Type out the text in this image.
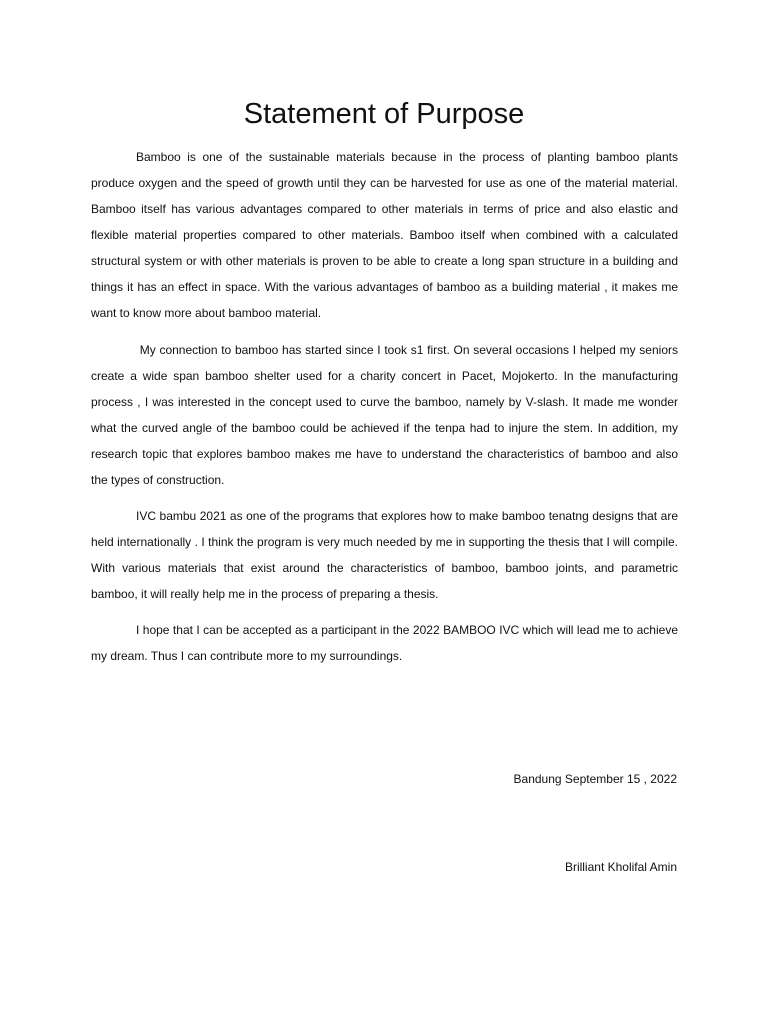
Statement of Purpose

Bamboo is one of the sustainable materials because in the process of planting bamboo plants produce oxygen and the speed of growth until they can be harvested for use as one of the material material. Bamboo itself has various advantages compared to other materials in terms of price and also elastic and flexible material properties compared to other materials. Bamboo itself when combined with a calculated structural system or with other materials is proven to be able to create a long span structure in a building and things it has an effect in space. With the various advantages of bamboo as a building material , it makes me want to know more about bamboo material.

My connection to bamboo has started since I took s1 first. On several occasions I helped my seniors create a wide span bamboo shelter used for a charity concert in Pacet, Mojokerto. In the manufacturing process , I was interested in the concept used to curve the bamboo, namely by V-slash. It made me wonder what the curved angle of the bamboo could be achieved if the tenpa had to injure the stem. In addition, my research topic that explores bamboo makes me have to understand the characteristics of bamboo and also the types of construction.

IVC bambu 2021 as one of the programs that explores how to make bamboo tenatng designs that are held internationally . I think the program is very much needed by me in supporting the thesis that I will compile. With various materials that exist around the characteristics of bamboo, bamboo joints, and parametric bamboo, it will really help me in the process of preparing a thesis.

I hope that I can be accepted as a participant in the 2022 BAMBOO IVC which will lead me to achieve my dream. Thus I can contribute more to my surroundings.

Bandung September 15 , 2022
Brilliant Kholifal Amin
